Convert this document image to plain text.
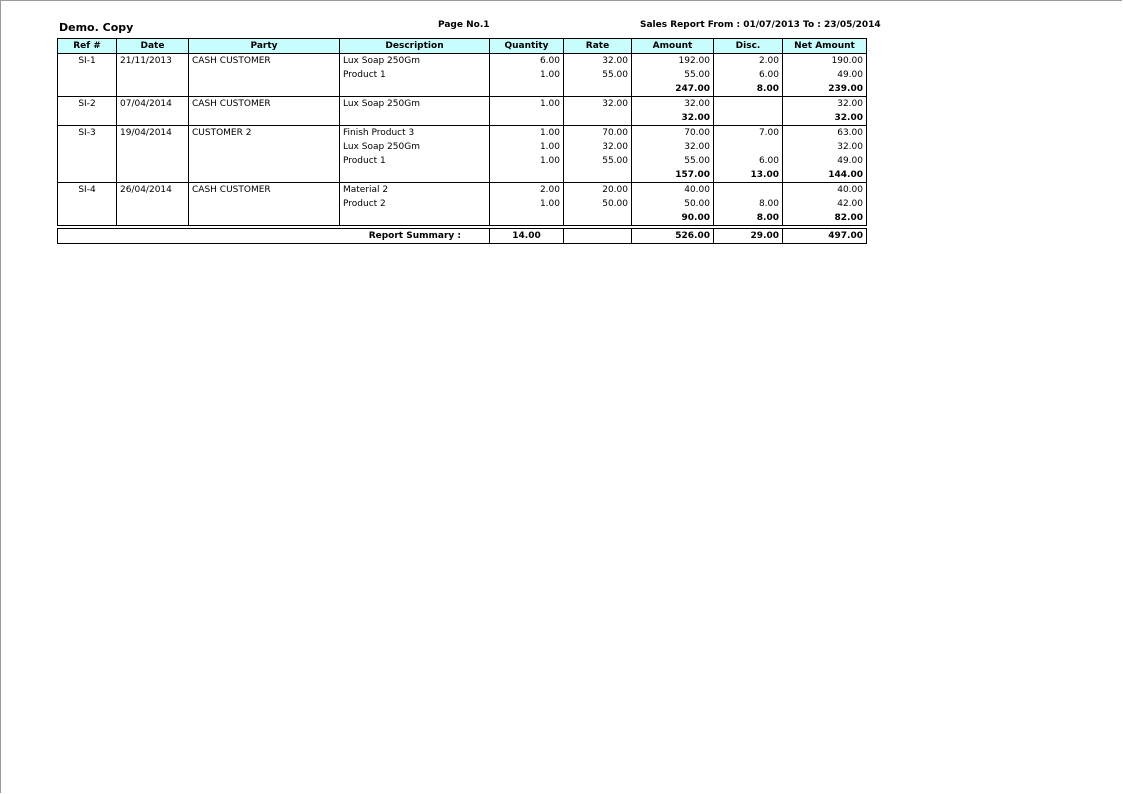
Demo. Copy	Page No.1	Sales Report From : 01/07/2013 To : 23/05/2014
Ref #	Date	Party	Description	Quantity	Rate	Amount	Disc.	Net Amount
SI-1	21/11/2013	CASH CUSTOMER	Lux Soap 250Gm	6.00	32.00	192.00	2.00	190.00
			Product 1	1.00	55.00	55.00	6.00	49.00
						247.00	8.00	239.00
SI-2	07/04/2014	CASH CUSTOMER	Lux Soap 250Gm	1.00	32.00	32.00		32.00
						32.00		32.00
SI-3	19/04/2014	CUSTOMER 2	Finish Product 3	1.00	70.00	70.00	7.00	63.00
			Lux Soap 250Gm	1.00	32.00	32.00		32.00
			Product 1	1.00	55.00	55.00	6.00	49.00
						157.00	13.00	144.00
SI-4	26/04/2014	CASH CUSTOMER	Material 2	2.00	20.00	40.00		40.00
			Product 2	1.00	50.00	50.00	8.00	42.00
						90.00	8.00	82.00

Report Summary :				14.00		526.00	29.00	497.00
